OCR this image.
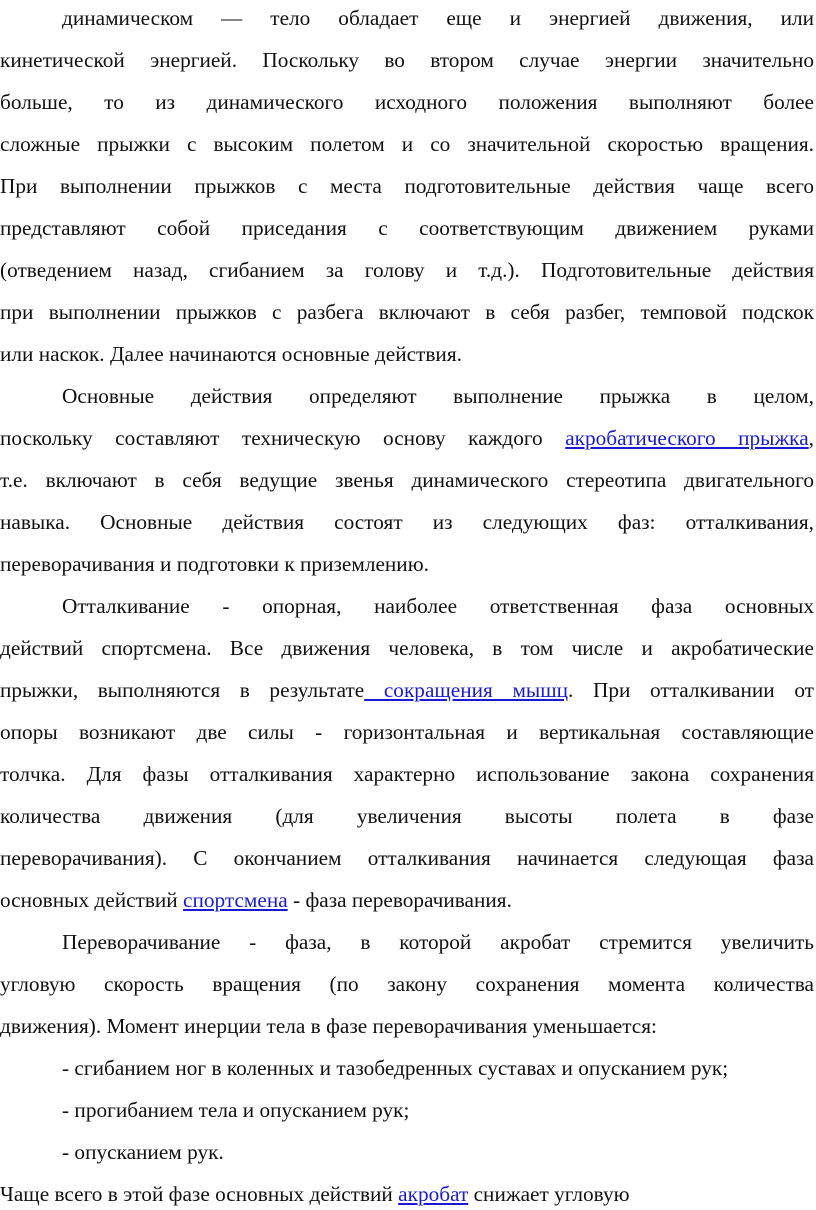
динамическом — тело обладает еще и энергией движения, или
кинетической энергией. Поскольку во втором случае энергии значительно
больше, то из динамического исходного положения выполняют более
сложные прыжки с высоким полетом и со значительной скоростью вращения.
При выполнении прыжков с места подготовительные действия чаще всего
представляют собой приседания с соответствующим движением руками
(отведением назад, сгибанием за голову и т.д.). Подготовительные действия
при выполнении прыжков с разбега включают в себя разбег, темповой подскок
или наскок. Далее начинаются основные действия.
Основные действия определяют выполнение прыжка в целом,
поскольку составляют техническую основу каждого акробатического прыжка,
т.е. включают в себя ведущие звенья динамического стереотипа двигательного
навыка. Основные действия состоят из следующих фаз: отталкивания,
переворачивания и подготовки к приземлению.
Отталкивание - опорная, наиболее ответственная фаза основных
действий спортсмена. Все движения человека, в том числе и акробатические
прыжки, выполняются в результате сокращения мышц. При отталкивании от
опоры возникают две силы - горизонтальная и вертикальная составляющие
толчка. Для фазы отталкивания характерно использование закона сохранения
количества движения (для увеличения высоты полета в фазе
переворачивания). С окончанием отталкивания начинается следующая фаза
основных действий спортсмена - фаза переворачивания.
Переворачивание - фаза, в которой акробат стремится увеличить
угловую скорость вращения (по закону сохранения момента количества
движения). Момент инерции тела в фазе переворачивания уменьшается:
- сгибанием ног в коленных и тазобедренных суставах и опусканием рук;
- прогибанием тела и опусканием рук;
- опусканием рук.
Чаще всего в этой фазе основных действий акробат снижает угловую
